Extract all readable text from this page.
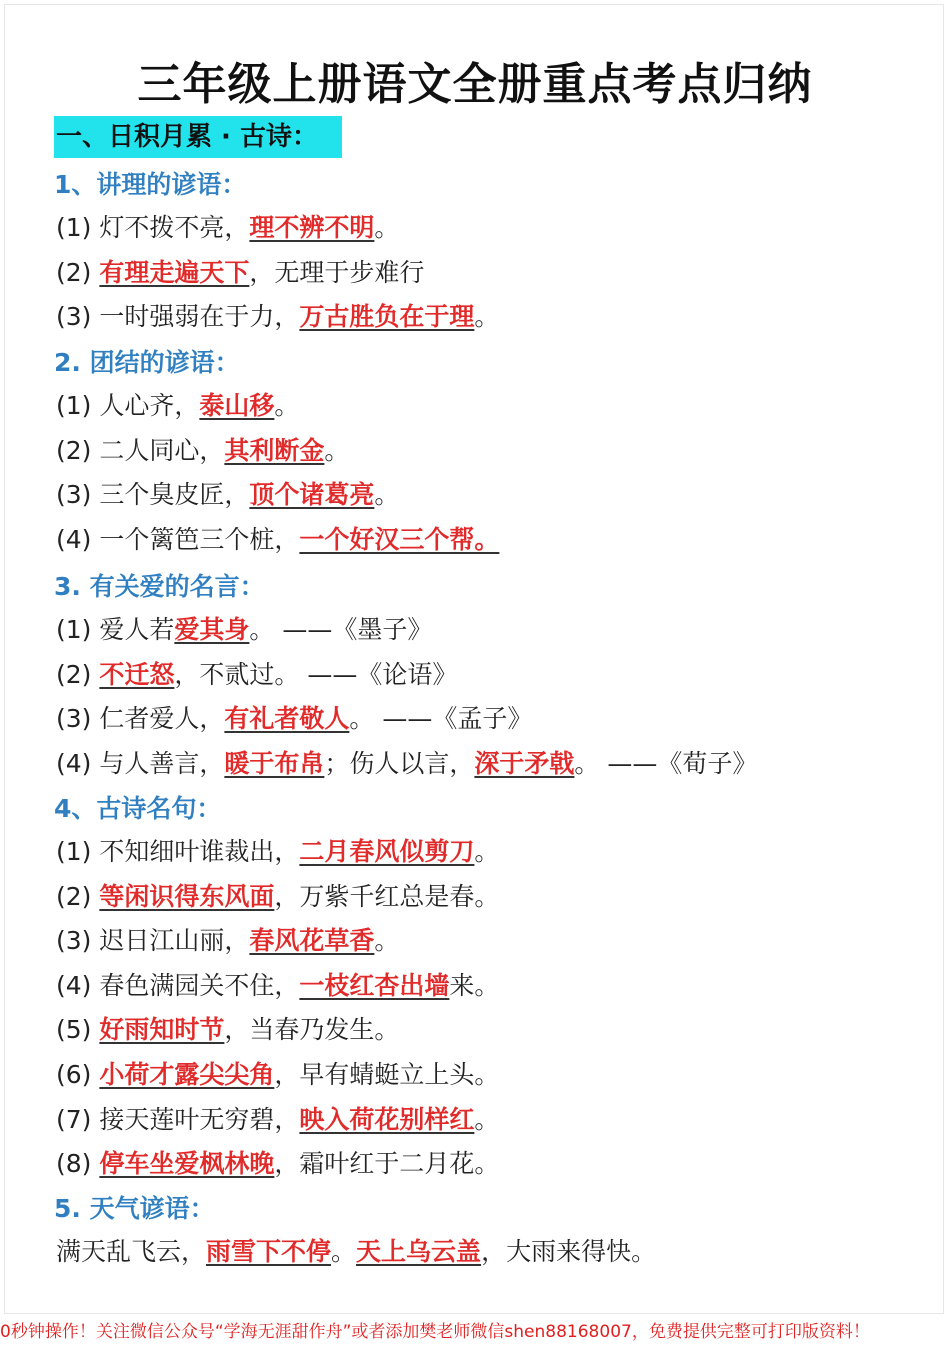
三年级上册语文全册重点考点归纳
一、日积月累 · 古诗：
1、讲理的谚语：
(1) 灯不拨不亮，理不辨不明。
(2) 有理走遍天下，无理于步难行
(3) 一时强弱在于力，万古胜负在于理。
2. 团结的谚语：
(1) 人心齐，泰山移。
(2) 二人同心，其利断金。
(3) 三个臭皮匠，顶个诸葛亮。
(4) 一个篱笆三个桩，一个好汉三个帮。
3. 有关爱的名言：
(1) 爱人若爱其身。 ——《墨子》
(2) 不迁怒，不贰过。 ——《论语》
(3) 仁者爱人，有礼者敬人。 ——《孟子》
(4) 与人善言，暖于布帛；伤人以言，深于矛戟。 ——《荀子》
4、古诗名句：
(1) 不知细叶谁裁出，二月春风似剪刀。
(2) 等闲识得东风面，万紫千红总是春。
(3) 迟日江山丽，春风花草香。
(4) 春色满园关不住，一枝红杏出墙来。
(5) 好雨知时节，当春乃发生。
(6) 小荷才露尖尖角，早有蜻蜓立上头。
(7) 接天莲叶无穷碧，映入荷花别样红。
(8) 停车坐爱枫林晚，霜叶红于二月花。
5. 天气谚语：
满天乱飞云，雨雪下不停。天上乌云盖，大雨来得快。
0秒钟操作！关注微信公众号“学海无涯甜作舟”或者添加樊老师微信shen88168007，免费提供完整可打印版资料！
